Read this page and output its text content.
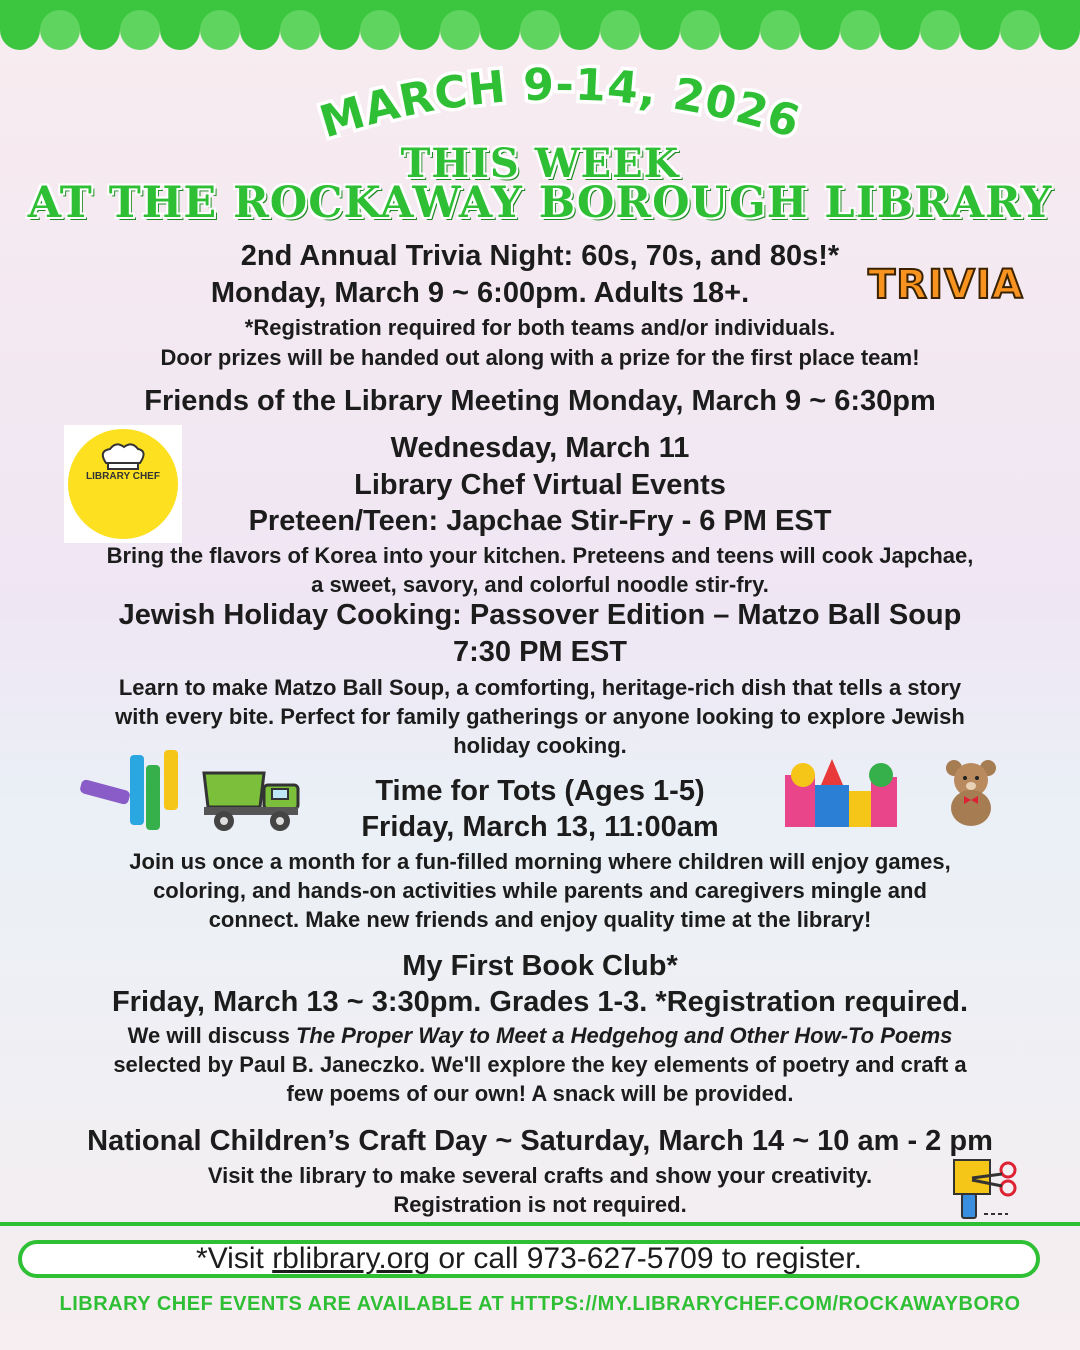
MARCH 9-14, 2026
THIS WEEK
AT THE ROCKAWAY BOROUGH LIBRARY
2nd Annual Trivia Night: 60s, 70s, and 80s!*
Monday, March 9 ~ 6:00pm. Adults 18+.	TRIVIA
*Registration required for both teams and/or individuals.
Door prizes will be handed out along with a prize for the first place team!
Friends of the Library Meeting Monday, March 9 ~ 6:30pm
LIBRARY CHEF
Wednesday, March 11
Library Chef Virtual Events
Preteen/Teen: Japchae Stir-Fry - 6 PM EST
Bring the flavors of Korea into your kitchen. Preteens and teens will cook Japchae,
a sweet, savory, and colorful noodle stir-fry.
Jewish Holiday Cooking: Passover Edition – Matzo Ball Soup
7:30 PM EST
Learn to make Matzo Ball Soup, a comforting, heritage-rich dish that tells a story
with every bite. Perfect for family gatherings or anyone looking to explore Jewish
holiday cooking.
Time for Tots (Ages 1-5)
Friday, March 13, 11:00am
Join us once a month for a fun-filled morning where children will enjoy games,
coloring, and hands-on activities while parents and caregivers mingle and
connect. Make new friends and enjoy quality time at the library!
My First Book Club*
Friday, March 13 ~ 3:30pm. Grades 1-3. *Registration required.
We will discuss The Proper Way to Meet a Hedgehog and Other How-To Poems
selected by Paul B. Janeczko. We'll explore the key elements of poetry and craft a
few poems of our own! A snack will be provided.
National Children’s Craft Day ~ Saturday, March 14 ~ 10 am - 2 pm
Visit the library to make several crafts and show your creativity.
Registration is not required.
*Visit rblibrary.org or call 973-627-5709 to register.
LIBRARY CHEF EVENTS ARE AVAILABLE AT HTTPS://MY.LIBRARYCHEF.COM/ROCKAWAYBORO
